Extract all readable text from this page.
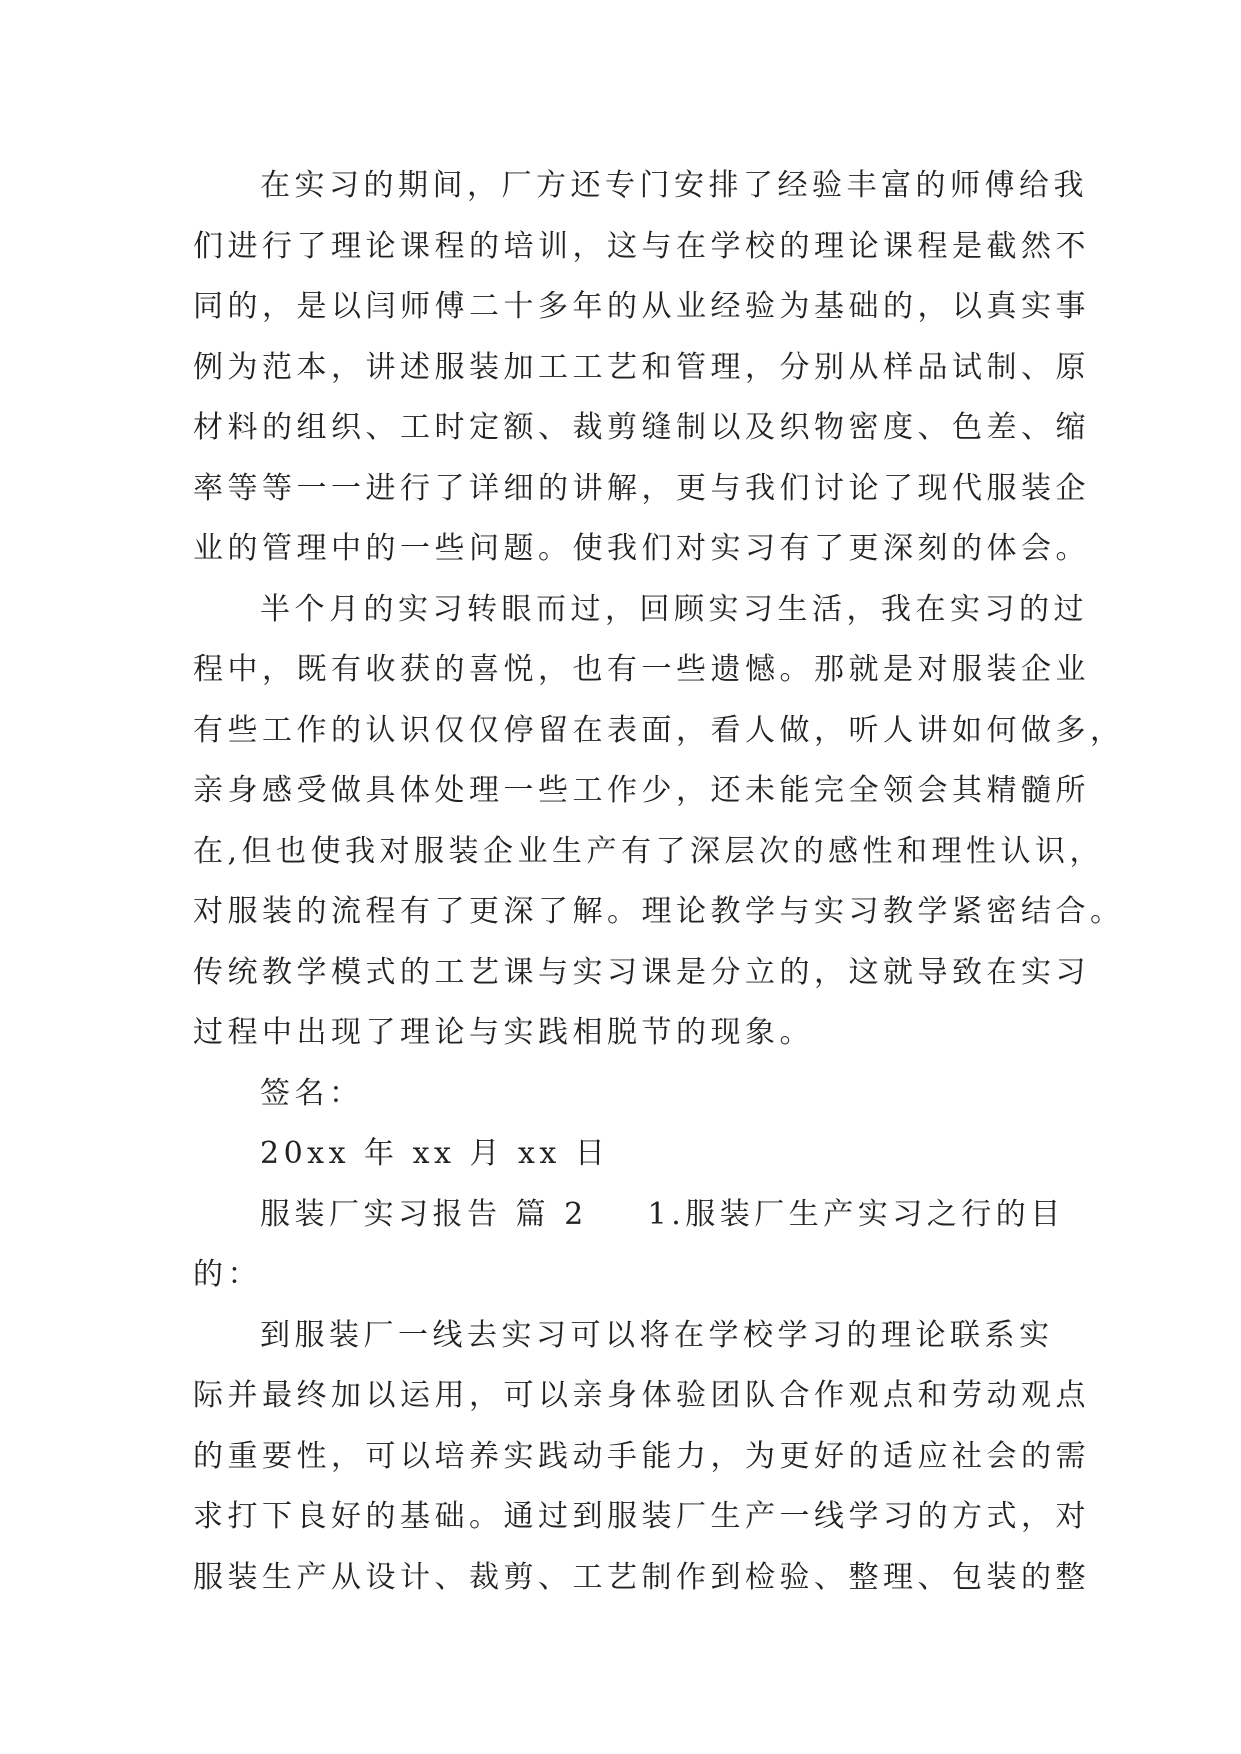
在实习的期间，厂方还专门安排了经验丰富的师傅给我
们进行了理论课程的培训，这与在学校的理论课程是截然不
同的，是以闫师傅二十多年的从业经验为基础的，以真实事
例为范本，讲述服装加工工艺和管理，分别从样品试制、原
材料的组织、工时定额、裁剪缝制以及织物密度、色差、缩
率等等一一进行了详细的讲解，更与我们讨论了现代服装企
业的管理中的一些问题。使我们对实习有了更深刻的体会。
半个月的实习转眼而过，回顾实习生活，我在实习的过
程中，既有收获的喜悦，也有一些遗憾。那就是对服装企业
有些工作的认识仅仅停留在表面，看人做，听人讲如何做多，
亲身感受做具体处理一些工作少，还未能完全领会其精髓所
在,但也使我对服装企业生产有了深层次的感性和理性认识，
对服装的流程有了更深了解。理论教学与实习教学紧密结合。
传统教学模式的工艺课与实习课是分立的，这就导致在实习
过程中出现了理论与实践相脱节的现象。
签名：
20xx 年 xx 月 xx 日
服装厂实习报告 篇 2 1.服装厂生产实习之行的目
的：
到服装厂一线去实习可以将在学校学习的理论联系实
际并最终加以运用，可以亲身体验团队合作观点和劳动观点
的重要性，可以培养实践动手能力，为更好的适应社会的需
求打下良好的基础。通过到服装厂生产一线学习的方式，对
服装生产从设计、裁剪、工艺制作到检验、整理、包装的整
